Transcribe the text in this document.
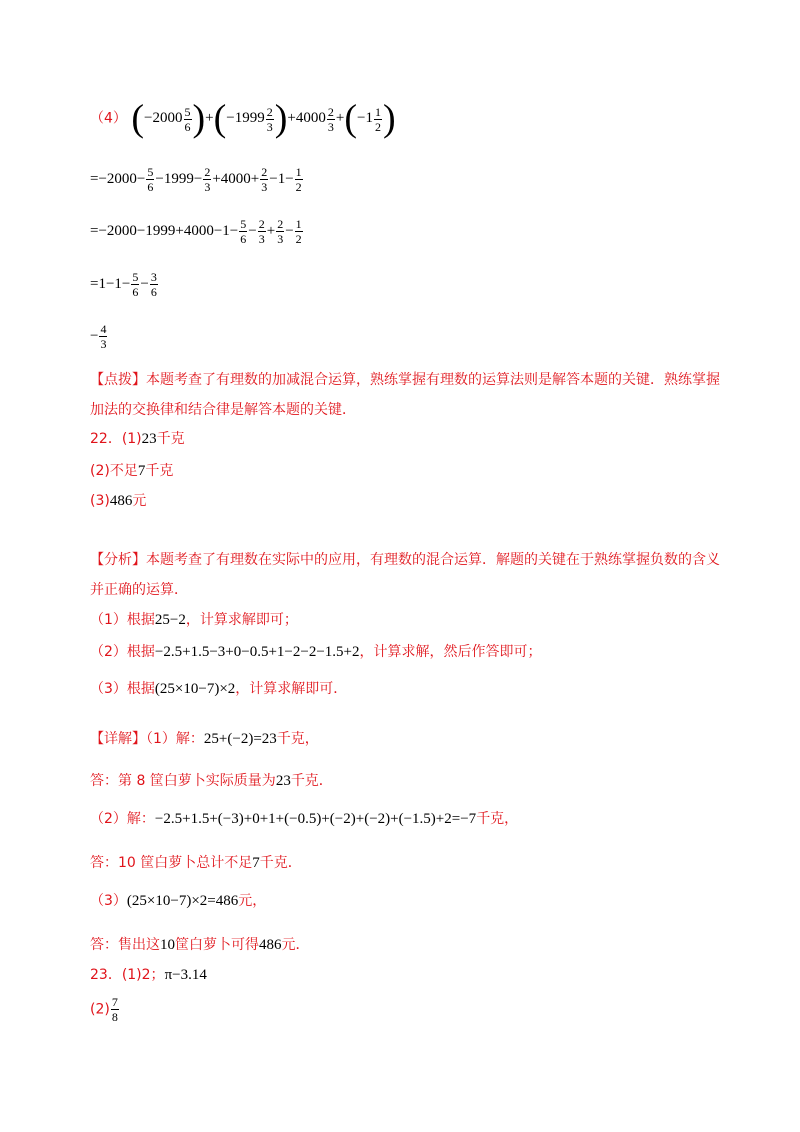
（4） $(-2000 \frac{5}{6} )+(-1999 \frac{2}{3} )+4000 \frac{2}{3} +(-1 \frac{1}{2}$ )
$=-2000- \frac{5}{6} -1999- \frac{2}{3} +4000+ \frac{2}{3} -1- \frac{1}{2}$
$=-2000-1999+4000-1- \frac{5}{6} - \frac{2}{3} + \frac{2}{3} - \frac{1}{2}$
$=1-1- \frac{5}{6} - \frac{3}{6}$
− $\frac{4}{3}$
【点拨】本题考查了有理数的加减混合运算，熟练掌握有理数的运算法则是解答本题的关键．熟练掌握加法的交换律和结合律是解答本题的关键．
22．(1)23千克
(2)不足7千克
(3)486元
【分析】本题考查了有理数在实际中的应用，有理数的混合运算．解题的关键在于熟练掌握负数的含义并正确的运算．
（1）根据25−2，计算求解即可；
（2）根据−2.5+1.5−3+0−0.5+1−2−2−1.5+2，计算求解，然后作答即可；
（3）根据(25×10−7)×2，计算求解即可．
【详解】（1）解：25+(−2)=23千克，
答：第 8 筐白萝卜实际质量为23千克．
（2）解：−2.5+1.5+(−3)+0+1+(−0.5)+(−2)+(−2)+(−1.5)+2=−7千克，
答：10 筐白萝卜总计不足7千克．
（3）(25×10−7)×2=486元，
答：售出这10筐白萝卜可得486元．
23．(1)2；π−3.14
$(2) \frac{7}{8}$
